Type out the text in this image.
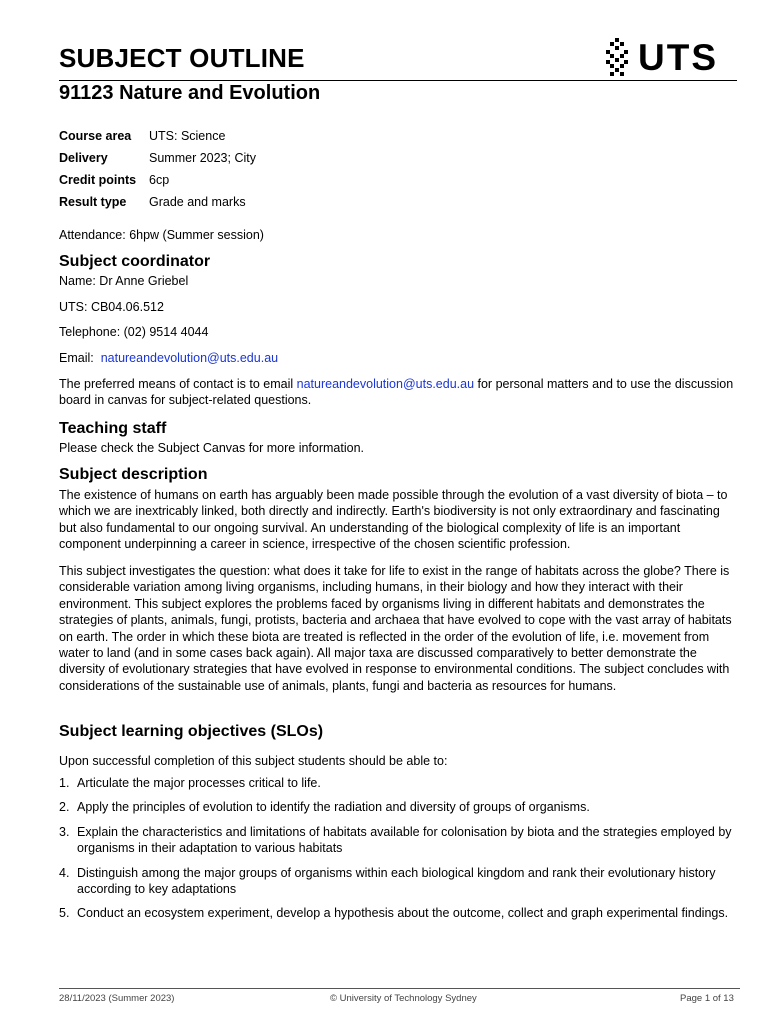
SUBJECT OUTLINE	UTS
91123 Nature and Evolution
Course area	UTS: Science
Delivery	Summer 2023; City
Credit points	6cp
Result type	Grade and marks

Attendance: 6hpw (Summer session)

Subject coordinator

Name: Dr Anne Griebel

UTS: CB04.06.512

Telephone: (02) 9514 4044

Email: natureandevolution@uts.edu.au

The preferred means of contact is to email natureandevolution@uts.edu.au for personal matters and to use the discussion board in canvas for subject-related questions.

Teaching staff

Please check the Subject Canvas for more information.

Subject description

The existence of humans on earth has arguably been made possible through the evolution of a vast diversity of biota – to which we are inextricably linked, both directly and indirectly. Earth's biodiversity is not only extraordinary and fascinating but also fundamental to our ongoing survival. An understanding of the biological complexity of life is an important component underpinning a career in science, irrespective of the chosen scientific profession.

This subject investigates the question: what does it take for life to exist in the range of habitats across the globe? There is considerable variation among living organisms, including humans, in their biology and how they interact with their environment. This subject explores the problems faced by organisms living in different habitats and demonstrates the strategies of plants, animals, fungi, protists, bacteria and archaea that have evolved to cope with the vast array of habitats on earth. The order in which these biota are treated is reflected in the order of the evolution of life, i.e. movement from water to land (and in some cases back again). All major taxa are discussed comparatively to better demonstrate the diversity of evolutionary strategies that have evolved in response to environmental conditions. The subject concludes with considerations of the sustainable use of animals, plants, fungi and bacteria as resources for humans.

Subject learning objectives (SLOs)

Upon successful completion of this subject students should be able to:

1. Articulate the major processes critical to life.
2. Apply the principles of evolution to identify the radiation and diversity of groups of organisms.
3. Explain the characteristics and limitations of habitats available for colonisation by biota and the strategies employed by organisms in their adaptation to various habitats
4. Distinguish among the major groups of organisms within each biological kingdom and rank their evolutionary history according to key adaptations
5. Conduct an ecosystem experiment, develop a hypothesis about the outcome, collect and graph experimental findings.
28/11/2023 (Summer 2023)	© University of Technology Sydney	Page 1 of 13
